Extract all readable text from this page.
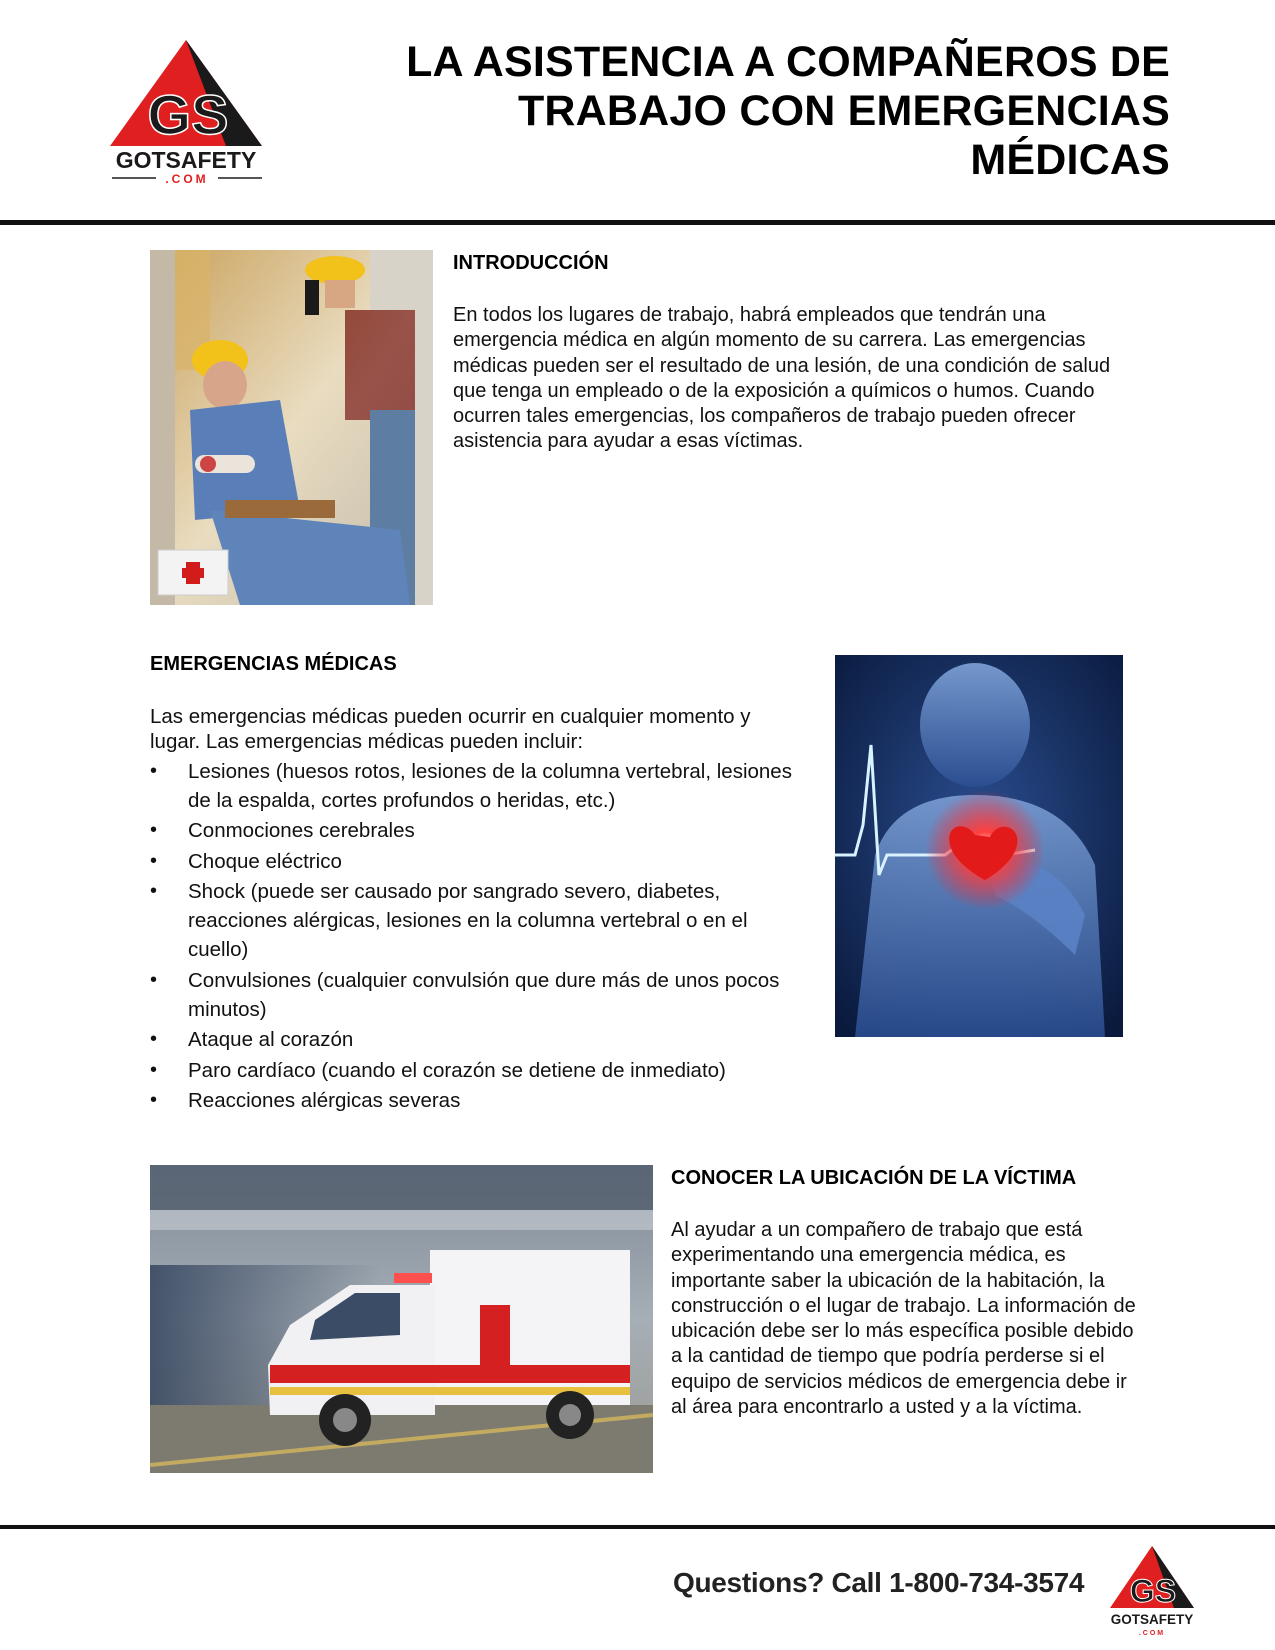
GS
GOTSAFETY
.COM
LA ASISTENCIA A COMPAÑEROS DE
TRABAJO CON EMERGENCIAS
MÉDICAS

INTRODUCCIÓN

En todos los lugares de trabajo, habrá empleados que tendrán una emergencia médica en algún momento de su carrera. Las emergencias médicas pueden ser el resultado de una lesión, de una condición de salud que tenga un empleado o de la exposición a químicos o humos. Cuando ocurren tales emergencias, los compañeros de trabajo pueden ofrecer asistencia para ayudar a esas víctimas.

EMERGENCIAS MÉDICAS

Las emergencias médicas pueden ocurrir en cualquier momento y lugar. Las emergencias médicas pueden incluir:

• Lesiones (huesos rotos, lesiones de la columna vertebral, lesiones de la espalda, cortes profundos o heridas, etc.)
• Conmociones cerebrales
• Choque eléctrico
• Shock (puede ser causado por sangrado severo, diabetes, reacciones alérgicas, lesiones en la columna vertebral o en el cuello)
• Convulsiones (cualquier convulsión que dure más de unos pocos minutos)
• Ataque al corazón
• Paro cardíaco (cuando el corazón se detiene de inmediato)
• Reacciones alérgicas severas

CONOCER LA UBICACIÓN DE LA VÍCTIMA

Al ayudar a un compañero de trabajo que está experimentando una emergencia médica, es importante saber la ubicación de la habitación, la construcción o el lugar de trabajo. La información de ubicación debe ser lo más específica posible debido a la cantidad de tiempo que podría perderse si el equipo de servicios médicos de emergencia debe ir al área para encontrarlo a usted y a la víctima.

Questions? Call 1-800-734-3574 GS
GOTSAFETY
.COM
